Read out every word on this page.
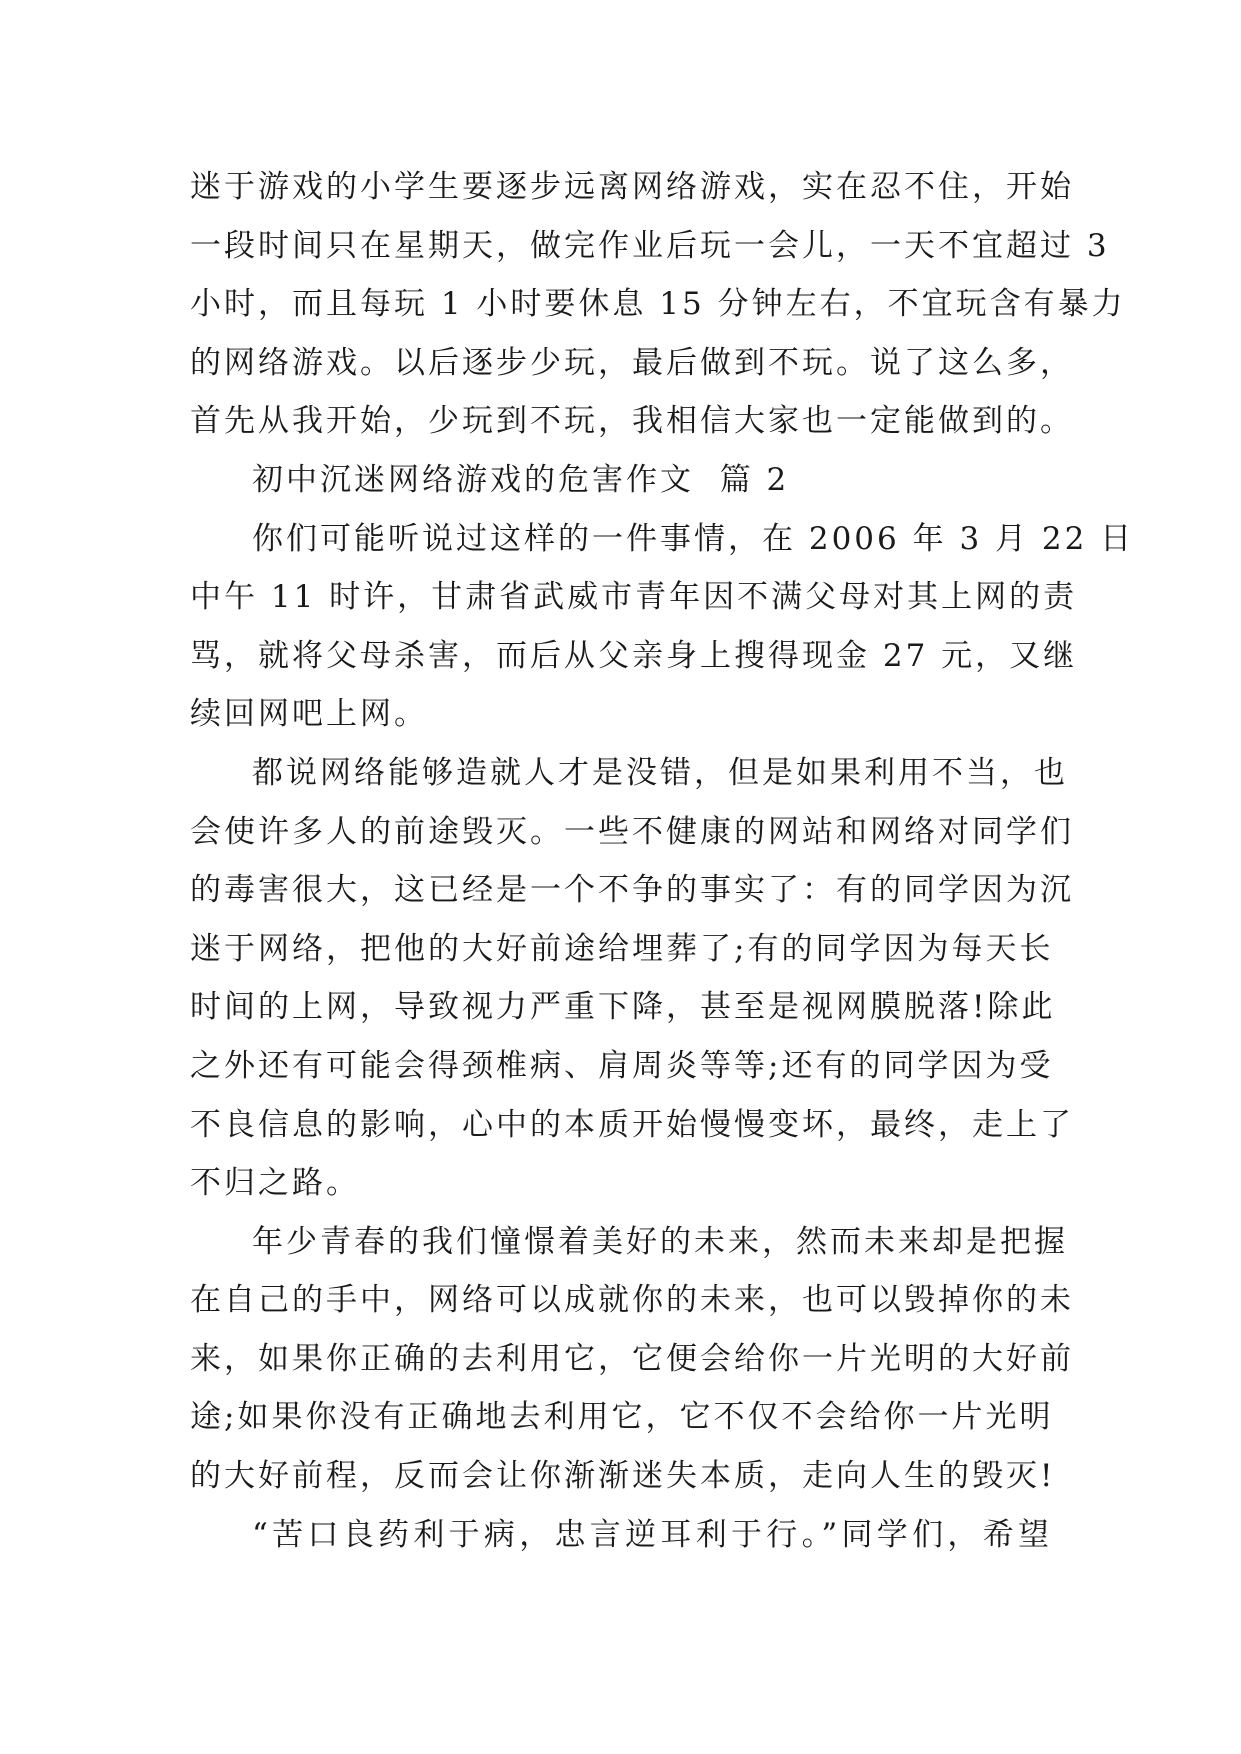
迷于游戏的小学生要逐步远离网络游戏，实在忍不住，开始
一段时间只在星期天，做完作业后玩一会儿，一天不宜超过 3
小时，而且每玩 1 小时要休息 15 分钟左右，不宜玩含有暴力
的网络游戏。以后逐步少玩，最后做到不玩。说了这么多，
首先从我开始，少玩到不玩，我相信大家也一定能做到的。
初中沉迷网络游戏的危害作文  篇 2
你们可能听说过这样的一件事情，在 2006 年 3 月 22 日
中午 11 时许，甘肃省武威市青年因不满父母对其上网的责
骂，就将父母杀害，而后从父亲身上搜得现金 27 元，又继
续回网吧上网。
都说网络能够造就人才是没错，但是如果利用不当，也
会使许多人的前途毁灭。一些不健康的网站和网络对同学们
的毒害很大，这已经是一个不争的事实了：有的同学因为沉
迷于网络，把他的大好前途给埋葬了;有的同学因为每天长
时间的上网，导致视力严重下降，甚至是视网膜脱落!除此
之外还有可能会得颈椎病、肩周炎等等;还有的同学因为受
不良信息的影响，心中的本质开始慢慢变坏，最终，走上了
不归之路。
年少青春的我们憧憬着美好的未来，然而未来却是把握
在自己的手中，网络可以成就你的未来，也可以毁掉你的未
来，如果你正确的去利用它，它便会给你一片光明的大好前
途;如果你没有正确地去利用它，它不仅不会给你一片光明
的大好前程，反而会让你渐渐迷失本质，走向人生的毁灭!
“苦口良药利于病，忠言逆耳利于行。”同学们，希望
